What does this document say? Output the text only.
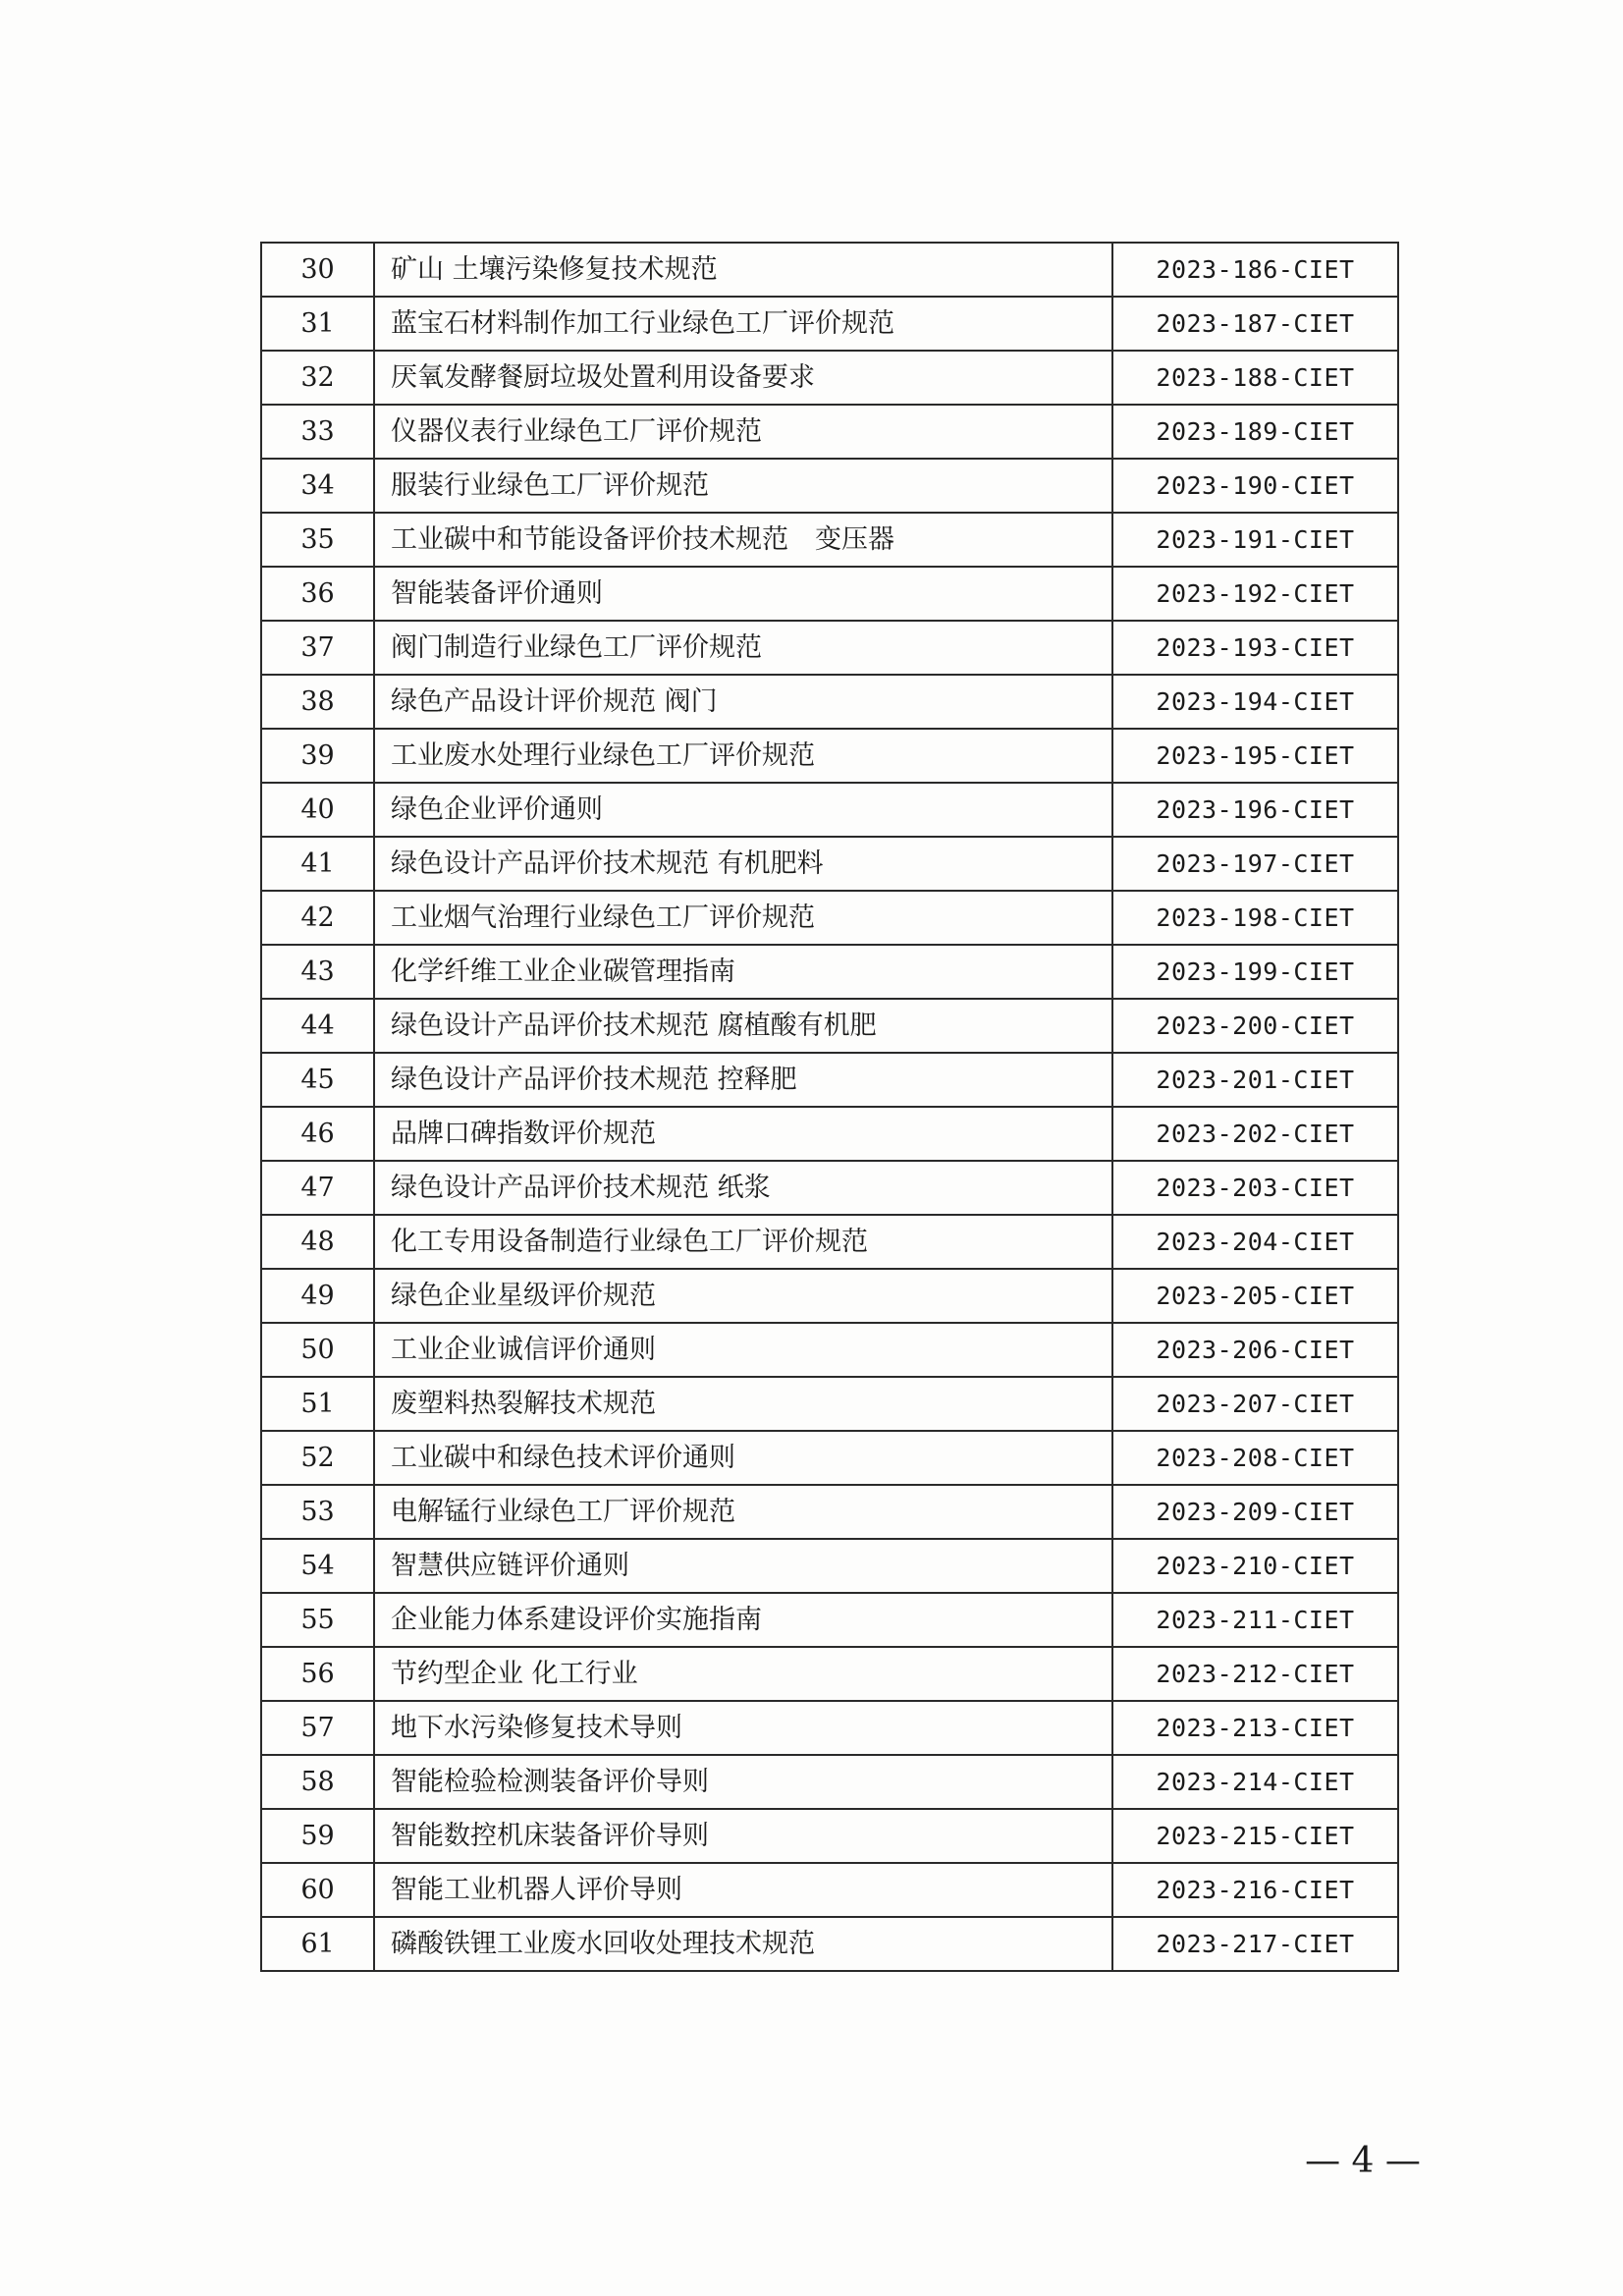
30	矿山 土壤污染修复技术规范	2023-186-CIET
31	蓝宝石材料制作加工行业绿色工厂评价规范	2023-187-CIET
32	厌氧发酵餐厨垃圾处置利用设备要求	2023-188-CIET
33	仪器仪表行业绿色工厂评价规范	2023-189-CIET
34	服装行业绿色工厂评价规范	2023-190-CIET
35	工业碳中和节能设备评价技术规范　变压器	2023-191-CIET
36	智能装备评价通则	2023-192-CIET
37	阀门制造行业绿色工厂评价规范	2023-193-CIET
38	绿色产品设计评价规范 阀门	2023-194-CIET
39	工业废水处理行业绿色工厂评价规范	2023-195-CIET
40	绿色企业评价通则	2023-196-CIET
41	绿色设计产品评价技术规范 有机肥料	2023-197-CIET
42	工业烟气治理行业绿色工厂评价规范	2023-198-CIET
43	化学纤维工业企业碳管理指南	2023-199-CIET
44	绿色设计产品评价技术规范 腐植酸有机肥	2023-200-CIET
45	绿色设计产品评价技术规范 控释肥	2023-201-CIET
46	品牌口碑指数评价规范	2023-202-CIET
47	绿色设计产品评价技术规范 纸浆	2023-203-CIET
48	化工专用设备制造行业绿色工厂评价规范	2023-204-CIET
49	绿色企业星级评价规范	2023-205-CIET
50	工业企业诚信评价通则	2023-206-CIET
51	废塑料热裂解技术规范	2023-207-CIET
52	工业碳中和绿色技术评价通则	2023-208-CIET
53	电解锰行业绿色工厂评价规范	2023-209-CIET
54	智慧供应链评价通则	2023-210-CIET
55	企业能力体系建设评价实施指南	2023-211-CIET
56	节约型企业 化工行业	2023-212-CIET
57	地下水污染修复技术导则	2023-213-CIET
58	智能检验检测装备评价导则	2023-214-CIET
59	智能数控机床装备评价导则	2023-215-CIET
60	智能工业机器人评价导则	2023-216-CIET
61	磷酸铁锂工业废水回收处理技术规范	2023-217-CIET
— 4 —
